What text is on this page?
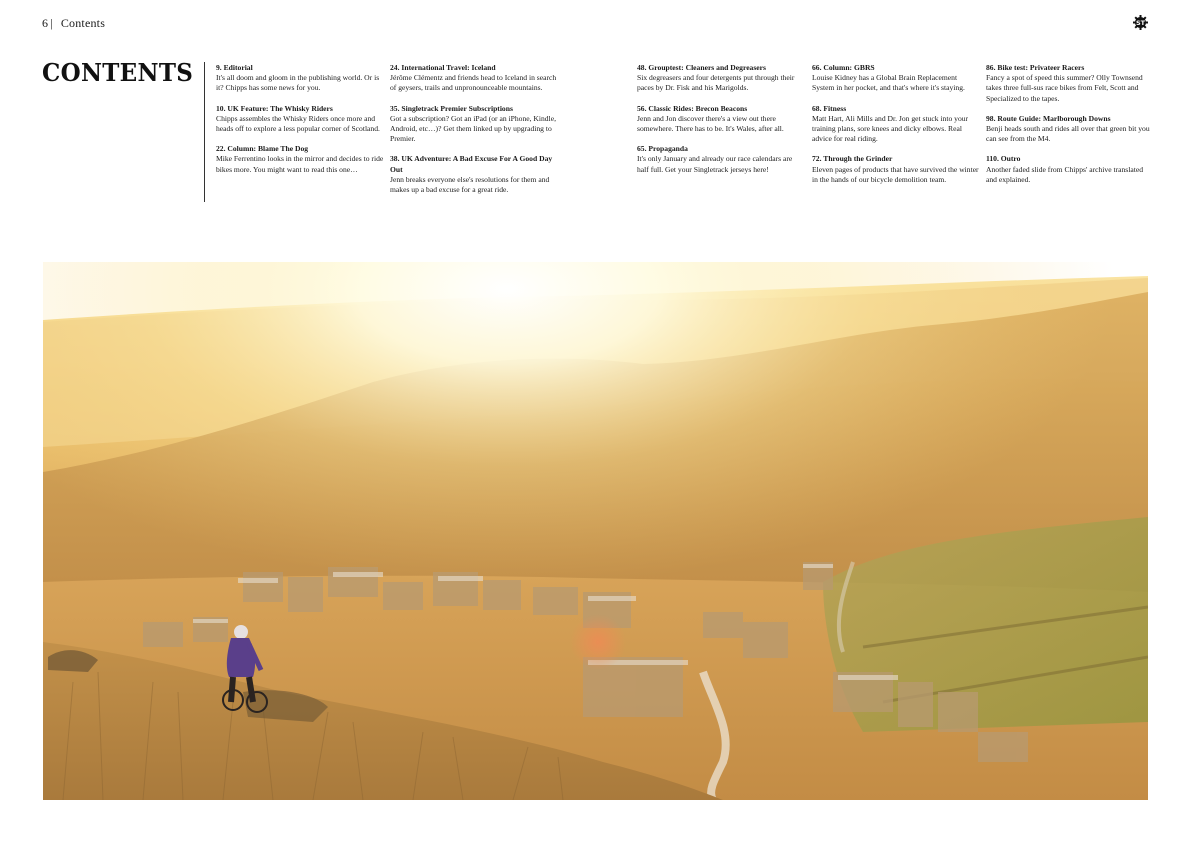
6 | Contents	ST
CONTENTS	9. Editorial
It's all doom and gloom in the publishing world. Or is it? Chipps has some news for you.
10. UK Feature: The Whisky Riders
Chipps assembles the Whisky Riders once more and heads off to explore a less popular corner of Scotland.
22. Column: Blame The Dog
Mike Ferrentino looks in the mirror and decides to ride bikes more. You might want to read this one…
24. International Travel: Iceland
Jérôme Clémentz and friends head to Iceland in search of geysers, trails and unpronounceable mountains.
35. Singletrack Premier Subscriptions
Got a subscription? Got an iPad (or an iPhone, Kindle, Android, etc…)? Get them linked up by upgrading to Premier.
38. UK Adventure: A Bad Excuse For A Good Day Out
Jenn breaks everyone else's resolutions for them and makes up a bad excuse for a great ride.
48. Grouptest: Cleaners and Degreasers
Six degreasers and four detergents put through their paces by Dr. Fisk and his Marigolds.
56. Classic Rides: Brecon Beacons
Jenn and Jon discover there's a view out there somewhere. There has to be. It's Wales, after all.
65. Propaganda
It's only January and already our race calendars are half full. Get your Singletrack jerseys here!
66. Column: GBRS
Louise Kidney has a Global Brain Replacement System in her pocket, and that's where it's staying.
68. Fitness
Matt Hart, Ali Mills and Dr. Jon get stuck into your training plans, sore knees and dicky elbows. Real advice for real riding.
72. Through the Grinder
Eleven pages of products that have survived the winter in the hands of our bicycle demolition team.
86. Bike test: Privateer Racers
Fancy a spot of speed this summer? Olly Townsend takes three full-sus race bikes from Felt, Scott and Specialized to the tapes.
98. Route Guide: Marlborough Downs
Benji heads south and rides all over that green bit you can see from the M4.
110. Outro
Another faded slide from Chipps' archive translated and explained.
